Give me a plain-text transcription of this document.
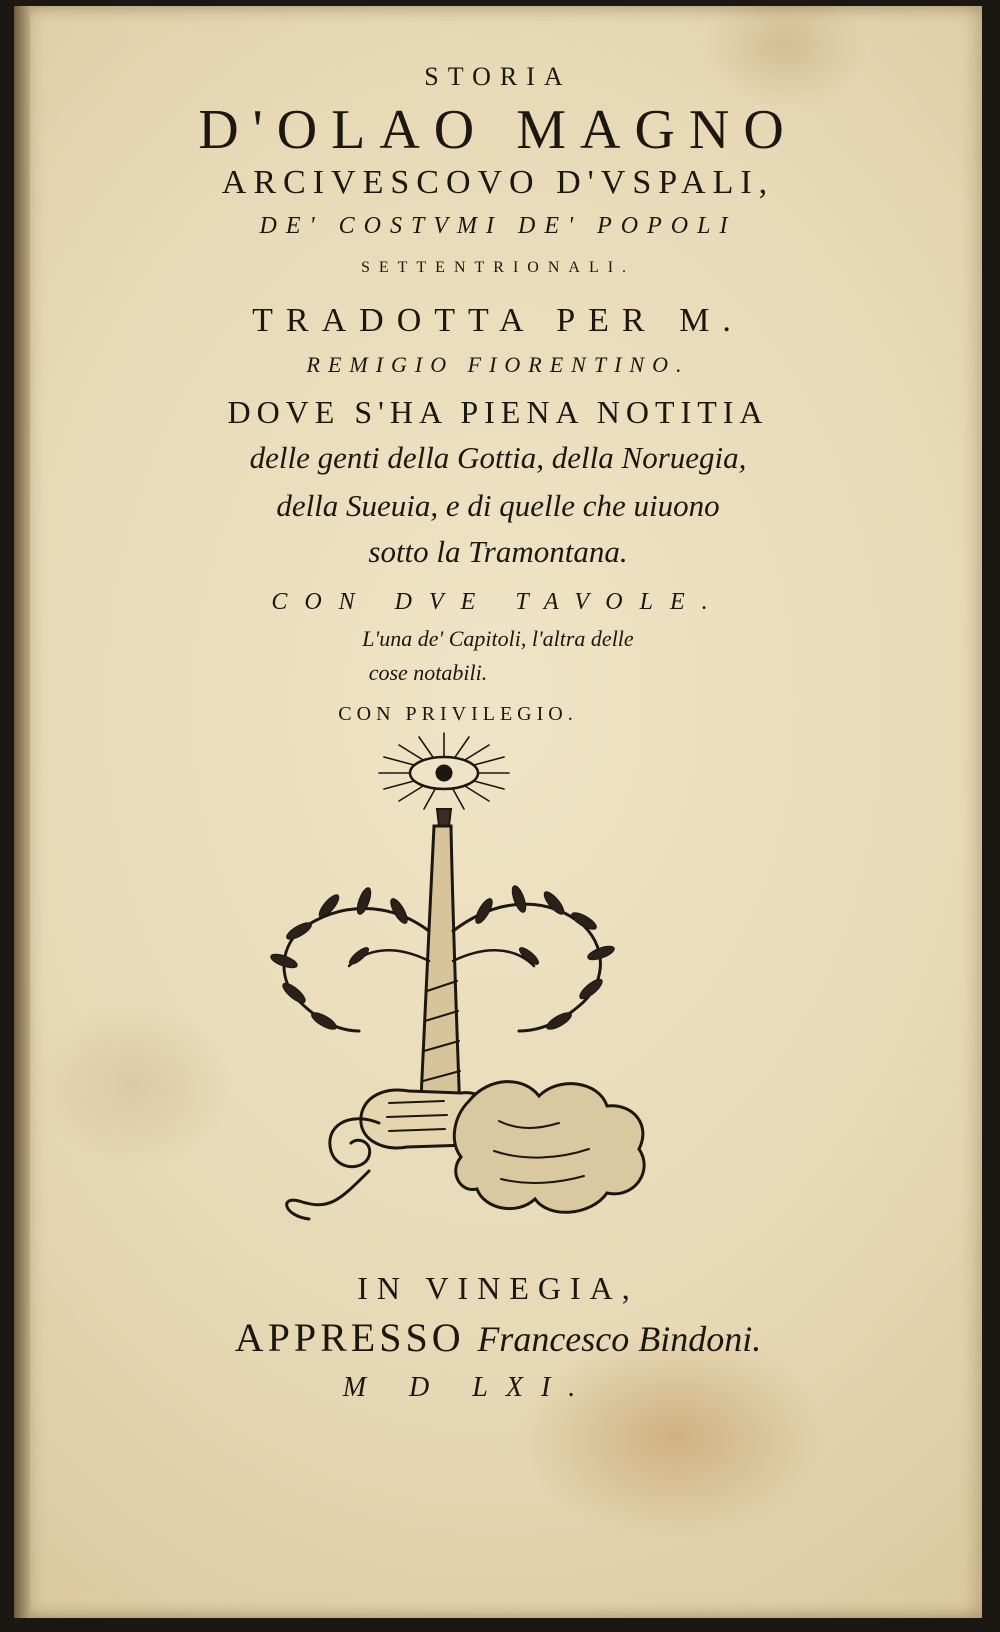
STORIA
D'OLAO MAGNO
ARCIVESCOVO D'VSPALI,
DE' COSTVMI DE' POPOLI
SETTENTRIONALI.
TRADOTTA PER M.
REMIGIO FIORENTINO.
DOVE S'HA PIENA NOTITIA
delle genti della Gottia, della Noruegia,
della Sueuia, e di quelle che uiuono
sotto la Tramontana.
CON DVE TAVOLE.
L'una de' Capitoli, l'altra delle
cose notabili.
CON PRIVILEGIO.
IN VINEGIA,
APPRESSO Francesco Bindoni.
M D LXI.
